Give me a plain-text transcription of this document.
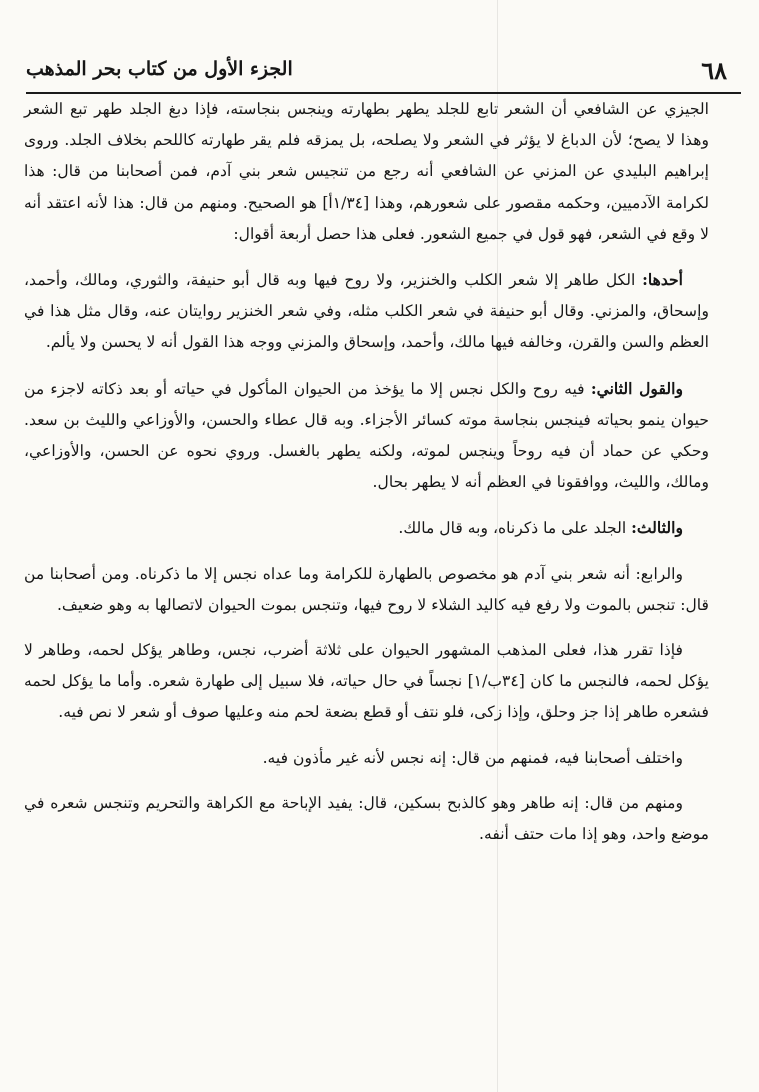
٦٨
الجزء الأول من كتاب بحر المذهب

الجيزي عن الشافعي أن الشعر تابع للجلد يطهر بطهارته وينجس بنجاسته، فإذا دبغ الجلد طهر تبع الشعر وهذا لا يصح؛ لأن الدباغ لا يؤثر في الشعر ولا يصلحه، بل يمزقه فلم يقر طهارته كاللحم بخلاف الجلد. وروى إبراهيم البليدي عن المزني عن الشافعي أنه رجع من تنجيس شعر بني آدم، فمن أصحابنا من قال: هذا لكرامة الآدميين، وحكمه مقصور على شعورهم، وهذا [١/٣٤أ] هو الصحيح. ومنهم من قال: هذا لأنه اعتقد أنه لا وقع في الشعر، فهو قول في جميع الشعور. فعلى هذا حصل أربعة أقوال:

أحدها: الكل طاهر إلا شعر الكلب والخنزير، ولا روح فيها وبه قال أبو حنيفة، والثوري، ومالك، وأحمد، وإسحاق، والمزني. وقال أبو حنيفة في شعر الكلب مثله، وفي شعر الخنزير روايتان عنه، وقال مثل هذا في العظم والسن والقرن، وخالفه فيها مالك، وأحمد، وإسحاق والمزني ووجه هذا القول أنه لا يحسن ولا يألم.

والقول الثاني: فيه روح والكل نجس إلا ما يؤخذ من الحيوان المأكول في حياته أو بعد ذكاته لاجزء من حيوان ينمو بحياته فينجس بنجاسة موته كسائر الأجزاء. وبه قال عطاء والحسن، والأوزاعي والليث بن سعد. وحكي عن حماد أن فيه روحاً وينجس لموته، ولكنه يطهر بالغسل. وروي نحوه عن الحسن، والأوزاعي، ومالك، والليث، ووافقونا في العظم أنه لا يطهر بحال.

والثالث: الجلد على ما ذكرناه، وبه قال مالك.

والرابع: أنه شعر بني آدم هو مخصوص بالطهارة للكرامة وما عداه نجس إلا ما ذكرناه. ومن أصحابنا من قال: تنجس بالموت ولا رفع فيه كاليد الشلاء لا روح فيها، وتنجس بموت الحيوان لاتصالها به وهو ضعيف.

فإذا تقرر هذا، فعلى المذهب المشهور الحيوان على ثلاثة أضرب، نجس، وطاهر يؤكل لحمه، وطاهر لا يؤكل لحمه، فالنجس ما كان [٣٤ب/١] نجساً في حال حياته، فلا سبيل إلى طهارة شعره. وأما ما يؤكل لحمه فشعره طاهر إذا جز وحلق، وإذا زكى، فلو نتف أو قطع بضعة لحم منه وعليها صوف أو شعر لا نص فيه.

واختلف أصحابنا فيه، فمنهم من قال: إنه نجس لأنه غير مأذون فيه.

ومنهم من قال: إنه طاهر وهو كالذبح بسكين، قال: يفيد الإباحة مع الكراهة والتحريم وتنجس شعره في موضع واحد، وهو إذا مات حتف أنفه.
